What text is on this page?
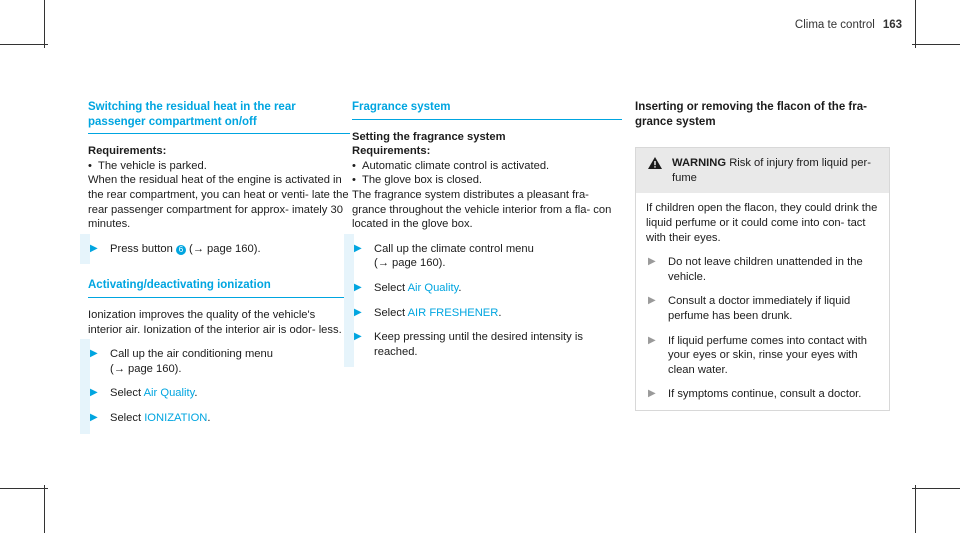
Clima te control 163
Switching the residual heat in the rear passenger compartment on/off

Requirements:

• The vehicle is parked.

When the residual heat of the engine is activated in the rear compartment, you can heat or venti- late the rear passenger compartment for approx- imately 30 minutes.

▶ Press button 6 (→ page 160).
Activating/deactivating ionization

Ionization improves the quality of the vehicle's interior air. Ionization of the interior air is odor- less.

▶ Call up the air conditioning menu
(→ page 160).
▶ Select Air Quality.
▶ Select IONIZATION.
Fragrance system

Setting the fragrance system

Requirements:

• Automatic climate control is activated.
• The glove box is closed.

The fragrance system distributes a pleasant fra- grance throughout the vehicle interior from a fla- con located in the glove box.

▶ Call up the climate control menu
(→ page 160).
▶ Select Air Quality.
▶ Select AIR FRESHENER.
▶ Keep pressing until the desired intensity is reached.
Inserting or removing the flacon of the fra- grance system
WARNING Risk of injury from liquid per- fume

If children open the flacon, they could drink the liquid perfume or it could come into con- tact with their eyes.

▶ Do not leave children unattended in the vehicle.
▶ Consult a doctor immediately if liquid perfume has been drunk.
▶ If liquid perfume comes into contact with your eyes or skin, rinse your eyes with clean water.
▶ If symptoms continue, consult a doctor.
